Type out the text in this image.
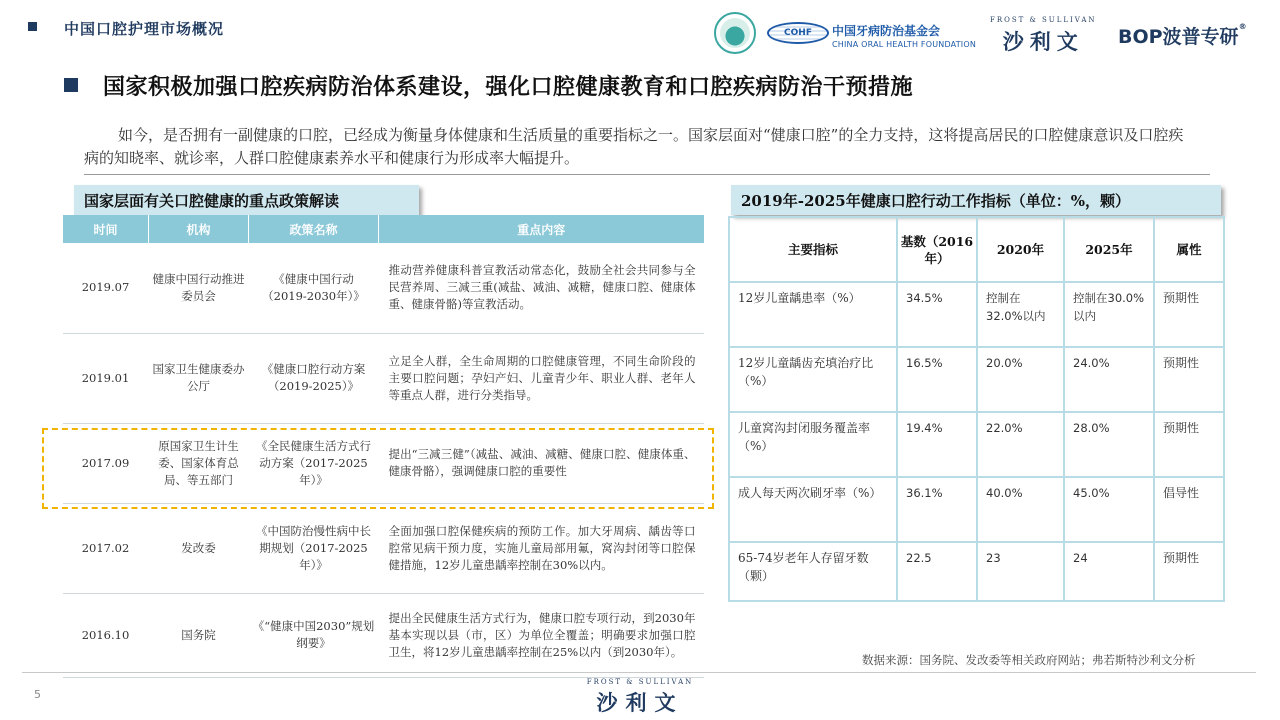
中国口腔护理市场概况	COHF	中国牙病防治基金会
CHINA ORAL HEALTH FOUNDATION
FROST & SULLIVAN
沙利文	BOP波普专研®
国家积极加强口腔疾病防治体系建设，强化口腔健康教育和口腔疾病防治干预措施

如今，是否拥有一副健康的口腔，已经成为衡量身体健康和生活质量的重要指标之一。国家层面对“健康口腔”的全力支持，这将提高居民的口腔健康意识及口腔疾病的知晓率、就诊率，人群口腔健康素养水平和健康行为形成率大幅提升。

国家层面有关口腔健康的重点政策解读
时间	机构	政策名称	重点内容
2019.07	健康中国行动推进委员会	《健康中国行动（2019-2030年）》	推动营养健康科普宣教活动常态化，鼓励全社会共同参与全民营养周、三减三重(减盐、减油、减糖，健康口腔、健康体重、健康骨骼)等宣教活动。
2019.01	国家卫生健康委办公厅	《健康口腔行动方案（2019-2025）》	立足全人群，全生命周期的口腔健康管理，不同生命阶段的主要口腔问题；孕妇产妇、儿童青少年、职业人群、老年人等重点人群，进行分类指导。
2017.09	原国家卫生计生委、国家体育总局、等五部门	《全民健康生活方式行动方案（2017-2025年）》	提出“三减三健”（减盐、减油、减糖、健康口腔、健康体重、健康骨骼），强调健康口腔的重要性
2017.02	发改委	《中国防治慢性病中长期规划（2017-2025年）》	全面加强口腔保健疾病的预防工作。加大牙周病、龋齿等口腔常见病干预力度，实施儿童局部用氟，窝沟封闭等口腔保健措施，12岁儿童患龋率控制在30%以内。
2016.10	国务院	《“健康中国2030”规划纲要》	提出全民健康生活方式行为，健康口腔专项行动，到2030年基本实现以县（市，区）为单位全覆盖；明确要求加强口腔卫生，将12岁儿童患龋率控制在25%以内（到2030年）。
2019年-2025年健康口腔行动工作指标（单位：%，颗）
主要指标	基数（2016年）	2020年	2025年	属性
12岁儿童龋患率（%）	34.5%	控制在32.0%以内	控制在30.0%以内	预期性
12岁儿童龋齿充填治疗比（%）	16.5%	20.0%	24.0%	预期性
儿童窝沟封闭服务覆盖率（%）	19.4%	22.0%	28.0%	预期性
成人每天两次刷牙率（%）	36.1%	40.0%	45.0%	倡导性
65-74岁老年人存留牙数（颗）	22.5	23	24	预期性
数据来源：国务院、发改委等相关政府网站；弗若斯特沙利文分析
5
FROST & SULLIVAN
沙利文
